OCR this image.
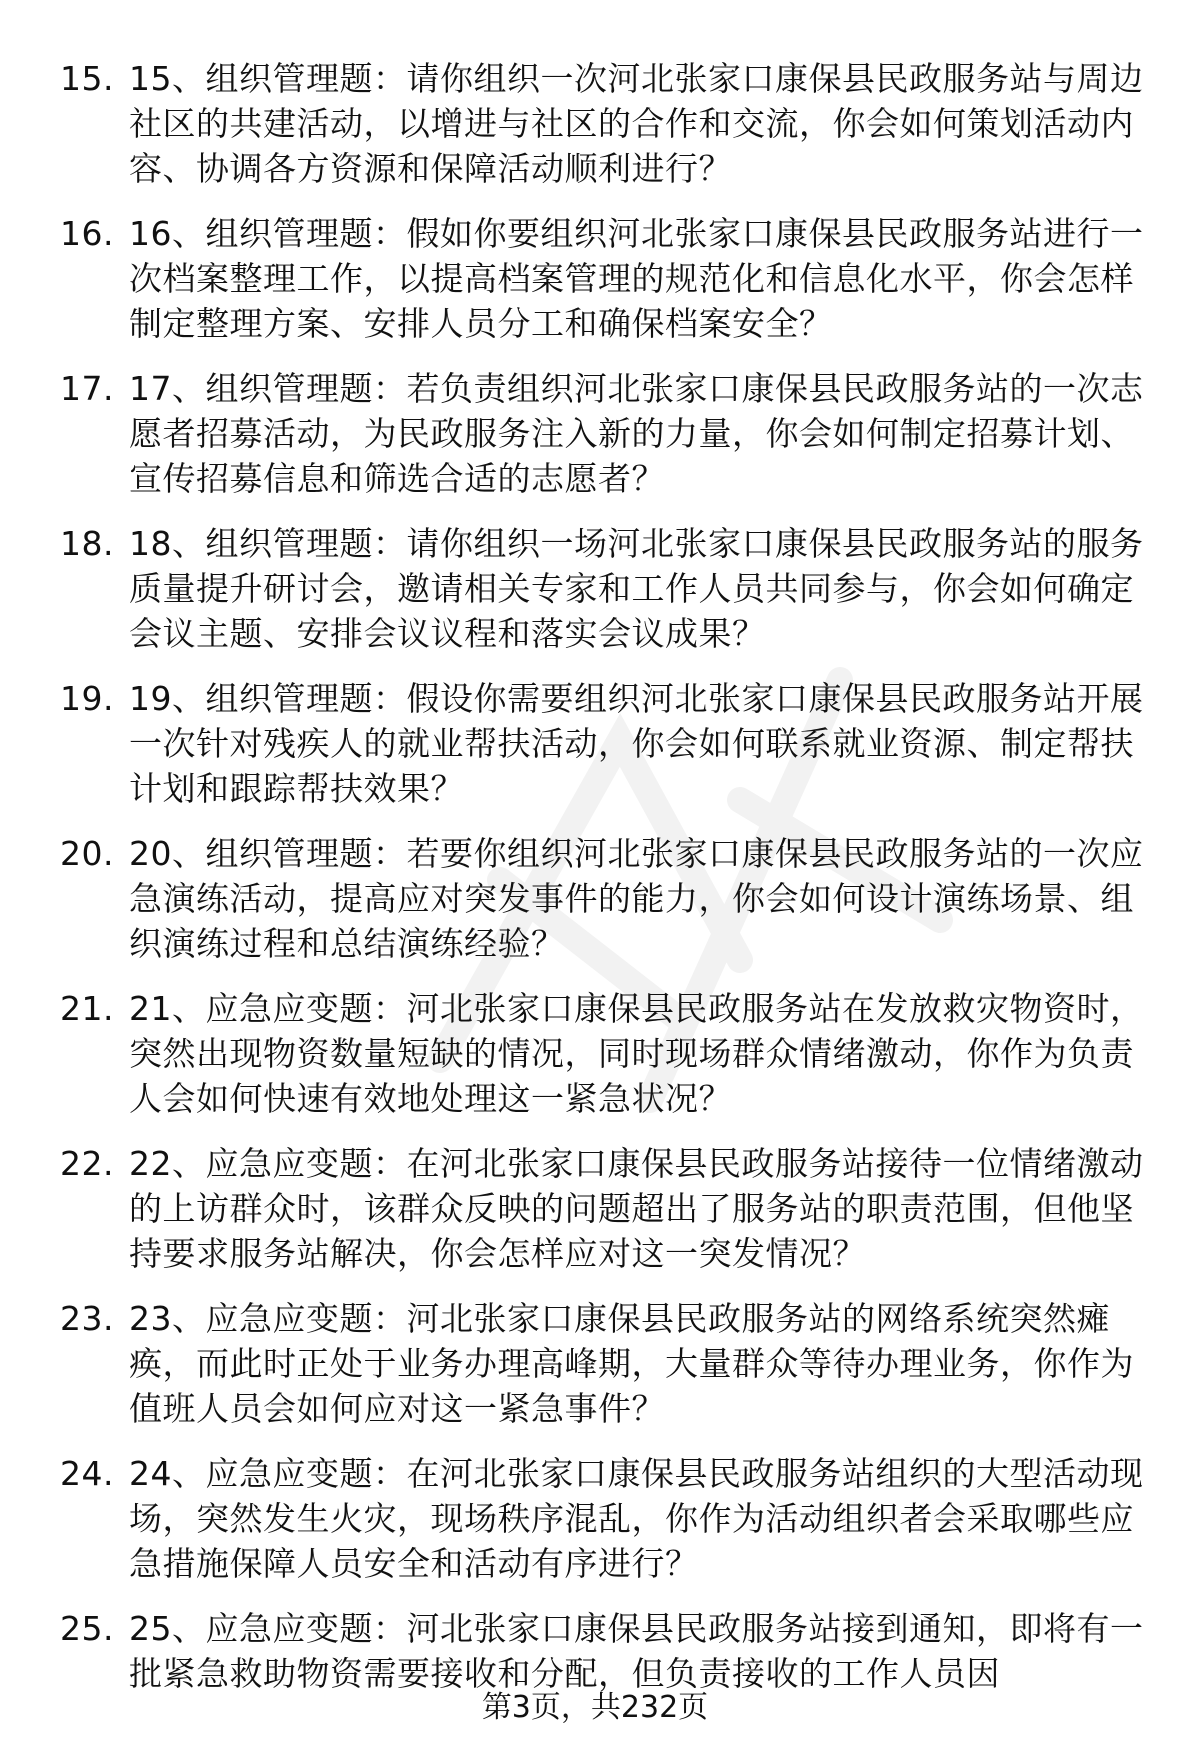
15. 15、组织管理题：请你组织一次河北张家口康保县民政服务站与周边社区的共建活动，以增进与社区的合作和交流，你会如何策划活动内容、协调各方资源和保障活动顺利进行？
16. 16、组织管理题：假如你要组织河北张家口康保县民政服务站进行一次档案整理工作，以提高档案管理的规范化和信息化水平，你会怎样制定整理方案、安排人员分工和确保档案安全？
17. 17、组织管理题：若负责组织河北张家口康保县民政服务站的一次志愿者招募活动，为民政服务注入新的力量，你会如何制定招募计划、宣传招募信息和筛选合适的志愿者？
18. 18、组织管理题：请你组织一场河北张家口康保县民政服务站的服务质量提升研讨会，邀请相关专家和工作人员共同参与，你会如何确定会议主题、安排会议议程和落实会议成果？
19. 19、组织管理题：假设你需要组织河北张家口康保县民政服务站开展一次针对残疾人的就业帮扶活动，你会如何联系就业资源、制定帮扶计划和跟踪帮扶效果？
20. 20、组织管理题：若要你组织河北张家口康保县民政服务站的一次应急演练活动，提高应对突发事件的能力，你会如何设计演练场景、组织演练过程和总结演练经验？
21. 21、应急应变题：河北张家口康保县民政服务站在发放救灾物资时，突然出现物资数量短缺的情况，同时现场群众情绪激动，你作为负责人会如何快速有效地处理这一紧急状况？
22. 22、应急应变题：在河北张家口康保县民政服务站接待一位情绪激动的上访群众时，该群众反映的问题超出了服务站的职责范围，但他坚持要求服务站解决，你会怎样应对这一突发情况？
23. 23、应急应变题：河北张家口康保县民政服务站的网络系统突然瘫痪，而此时正处于业务办理高峰期，大量群众等待办理业务，你作为值班人员会如何应对这一紧急事件？
24. 24、应急应变题：在河北张家口康保县民政服务站组织的大型活动现场，突然发生火灾，现场秩序混乱，你作为活动组织者会采取哪些应急措施保障人员安全和活动有序进行？
25. 25、应急应变题：河北张家口康保县民政服务站接到通知，即将有一批紧急救助物资需要接收和分配，但负责接收的工作人员因
第3页，共232页
